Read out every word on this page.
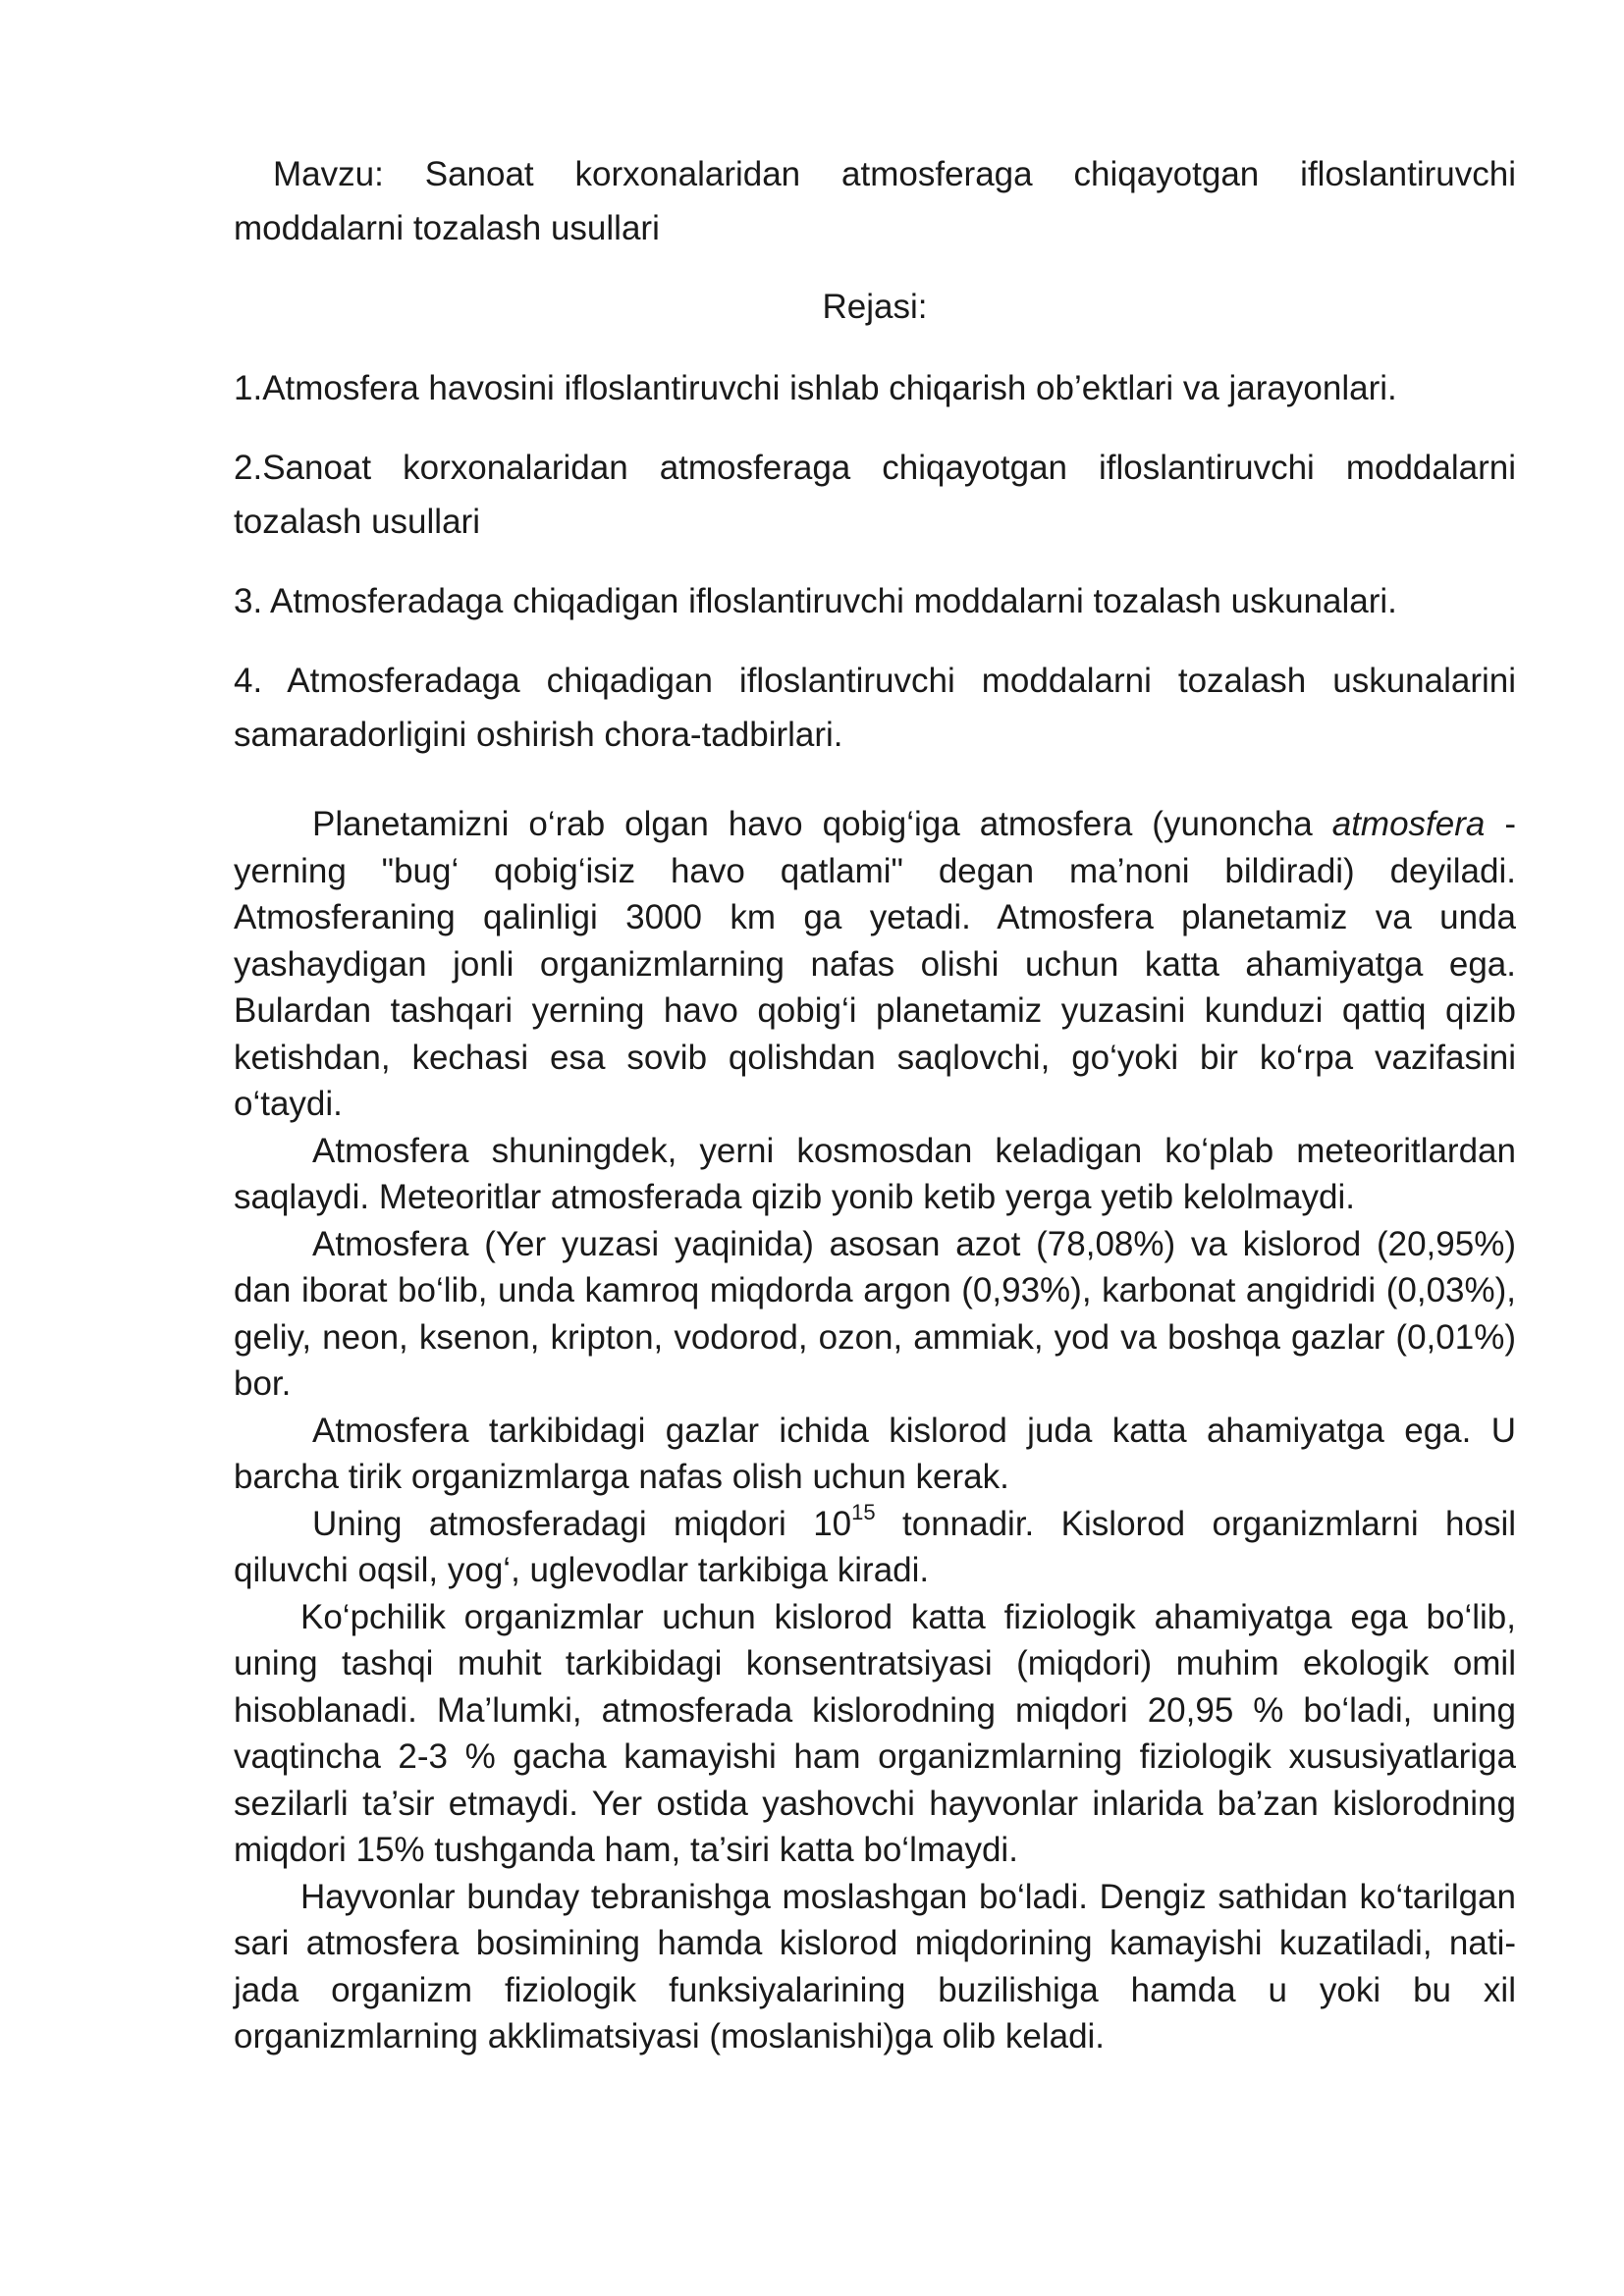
Mavzu: Sanoat korxonalaridan atmosferaga chiqayotgan ifloslantiruvchi moddalarni tozalash usullari

Rejasi:

1.Atmosfera havosini ifloslantiruvchi ishlab chiqarish ob’ektlari va jarayonlari.

2.Sanoat korxonalaridan atmosferaga chiqayotgan ifloslantiruvchi moddalarni tozalash usullari

3. Atmosferadaga chiqadigan ifloslantiruvchi moddalarni tozalash uskunalari.

4. Atmosferadaga chiqadigan ifloslantiruvchi moddalarni tozalash uskunalarini samaradorligini oshirish chora-tadbirlari.

Planetamizni o‘rab olgan havo qobig‘iga atmosfera (yunoncha atmosfera - yerning "bug‘ qobig‘isiz havo qatlami" degan ma’noni bildiradi) deyiladi. Atmosferaning qalinligi 3000 km ga yetadi. Atmosfera planetamiz va unda yashaydigan jonli organizmlarning nafas olishi uchun katta ahamiyatga ega. Bulardan tashqari yerning havo qobig‘i planetamiz yuzasini kunduzi qattiq qizib ketishdan, kechasi esa sovib qolishdan saqlovchi, go‘yoki bir ko‘rpa vazifasini o‘taydi.

Atmosfera shuningdek, yerni kosmosdan keladigan ko‘plab meteoritlardan saqlaydi. Meteoritlar atmosferada qizib yonib ketib yerga yetib kelolmaydi.

Atmosfera (Yer yuzasi yaqinida) asosan azot (78,08%) va kislorod (20,95%) dan iborat bo‘lib, unda kamroq miqdorda argon (0,93%), karbonat angidridi (0,03%), geliy, neon, ksenon, kripton, vodorod, ozon, ammiak, yod va boshqa gazlar (0,01%) bor.

Atmosfera tarkibidagi gazlar ichida kislorod juda katta ahamiyatga ega. U barcha tirik organizmlarga nafas olish uchun kerak.

Uning atmosferadagi miqdori $10^{15}$ tonnadir. Kislorod organizmlarni hosil qiluvchi oqsil, yog‘, uglevodlar tarkibiga kiradi.

Ko‘pchilik organizmlar uchun kislorod katta fiziologik ahamiyatga ega bo‘lib, uning tashqi muhit tarkibidagi konsentratsiyasi (miqdori) muhim ekologik omil hisoblanadi. Ma’lumki, atmosferada kislorodning miqdori 20,95 % bo‘ladi, uning vaqtincha 2-3 % gacha kamayishi ham organizmlarning fiziologik xususiyatlariga sezilarli ta’sir etmaydi. Yer ostida yashovchi hayvonlar inlarida ba’zan kislorodning miqdori 15% tushganda ham, ta’siri katta bo‘lmaydi.

Hayvonlar bunday tebranishga moslashgan bo‘ladi. Dengiz sathidan ko‘tarilgan sari atmosfera bosimining hamda kislorod miqdorining kamayishi kuzatiladi, nati-jada organizm fiziologik funksiyalarining buzilishiga hamda u yoki bu xil organizmlarning akklimatsiyasi (moslanishi)ga olib keladi.
